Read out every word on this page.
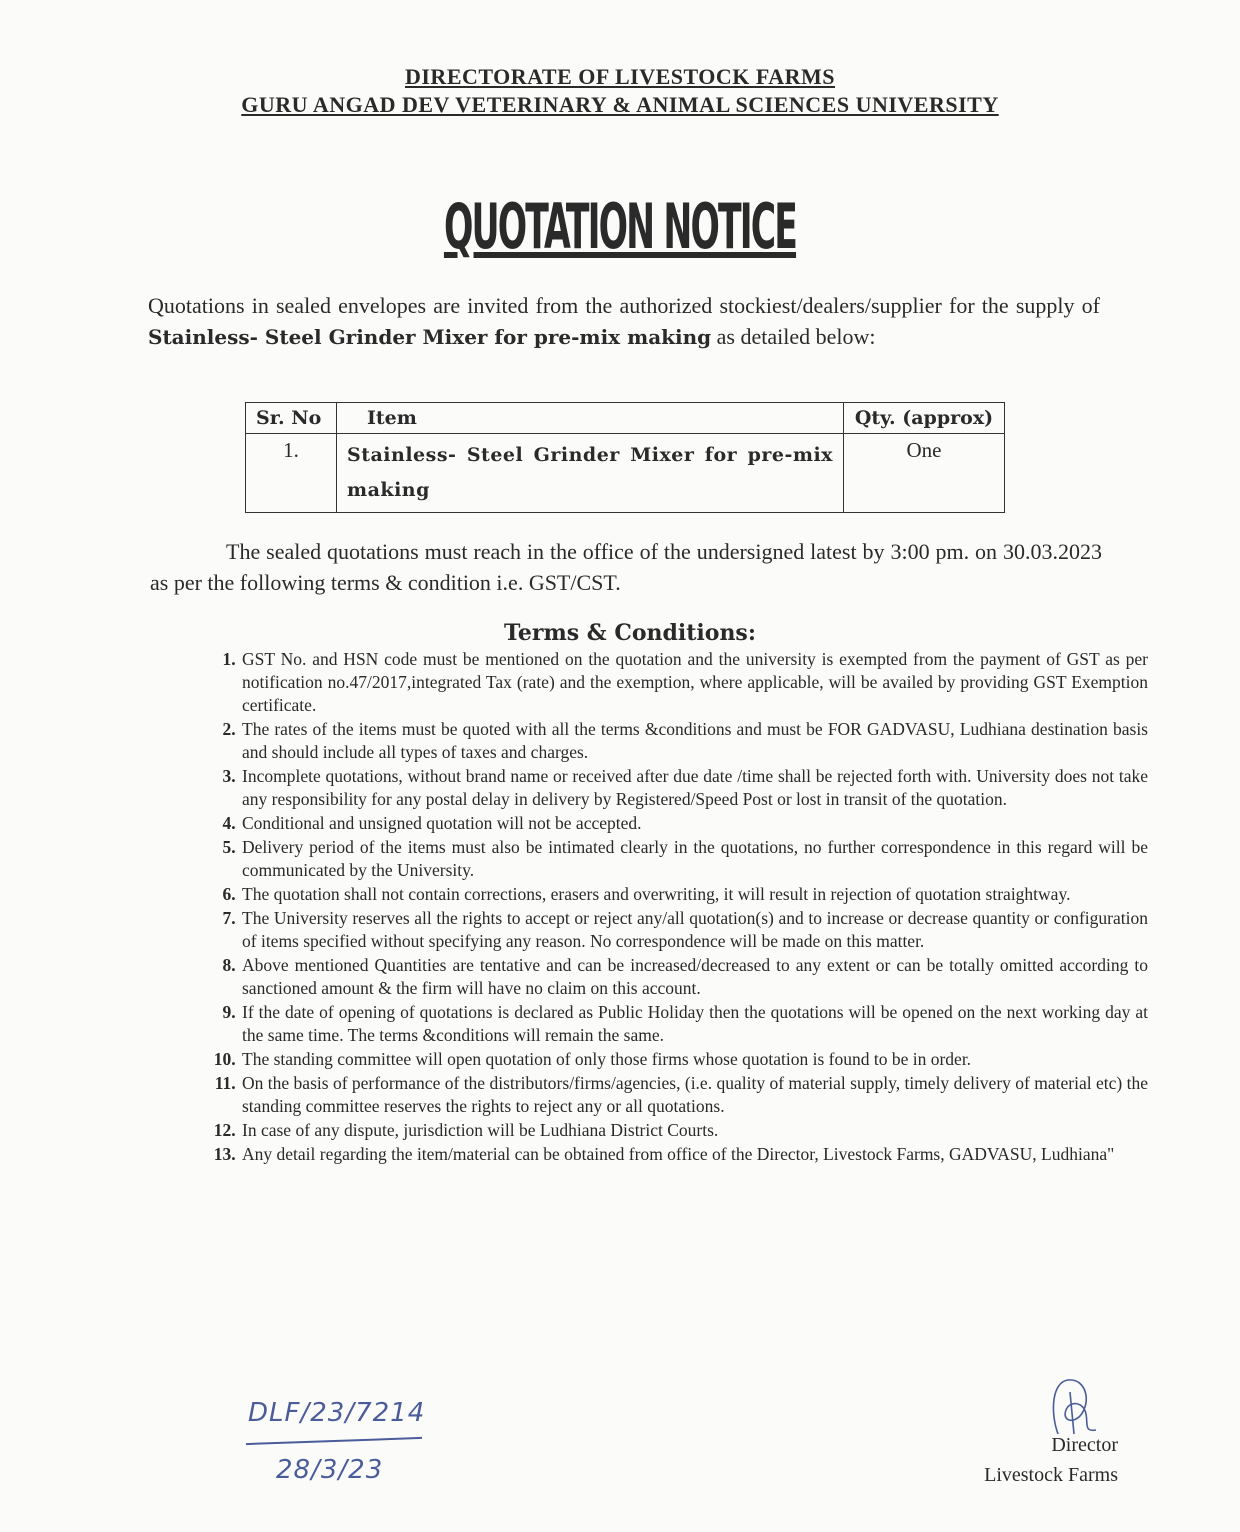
DIRECTORATE OF LIVESTOCK FARMS
GURU ANGAD DEV VETERINARY & ANIMAL SCIENCES UNIVERSITY
QUOTATION NOTICE
Quotations in sealed envelopes are invited from the authorized stockiest/dealers/supplier for the supply of Stainless- Steel Grinder Mixer for pre-mix making as detailed below:
Sr. No	Item	Qty. (approx)
1.	Stainless- Steel Grinder Mixer for pre-mix making	One
The sealed quotations must reach in the office of the undersigned latest by 3:00 pm. on 30.03.2023 as per the following terms & condition i.e. GST/CST.
Terms & Conditions:
1. GST No. and HSN code must be mentioned on the quotation and the university is exempted from the payment of GST as per notification no.47/2017,integrated Tax (rate) and the exemption, where applicable, will be availed by providing GST Exemption certificate.
2. The rates of the items must be quoted with all the terms &conditions and must be FOR GADVASU, Ludhiana destination basis and should include all types of taxes and charges.
3. Incomplete quotations, without brand name or received after due date /time shall be rejected forth with. University does not take any responsibility for any postal delay in delivery by Registered/Speed Post or lost in transit of the quotation.
4. Conditional and unsigned quotation will not be accepted.
5. Delivery period of the items must also be intimated clearly in the quotations, no further correspondence in this regard will be communicated by the University.
6. The quotation shall not contain corrections, erasers and overwriting, it will result in rejection of quotation straightway.
7. The University reserves all the rights to accept or reject any/all quotation(s) and to increase or decrease quantity or configuration of items specified without specifying any reason. No correspondence will be made on this matter.
8. Above mentioned Quantities are tentative and can be increased/decreased to any extent or can be totally omitted according to sanctioned amount & the firm will have no claim on this account.
9. If the date of opening of quotations is declared as Public Holiday then the quotations will be opened on the next working day at the same time. The terms &conditions will remain the same.
10. The standing committee will open quotation of only those firms whose quotation is found to be in order.
11. On the basis of performance of the distributors/firms/agencies, (i.e. quality of material supply, timely delivery of material etc) the standing committee reserves the rights to reject any or all quotations.
12. In case of any dispute, jurisdiction will be Ludhiana District Courts.
13. Any detail regarding the item/material can be obtained from office of the Director, Livestock Farms, GADVASU, Ludhiana"
Director
Livestock Farms
DLF/23/7214
28/3/23
